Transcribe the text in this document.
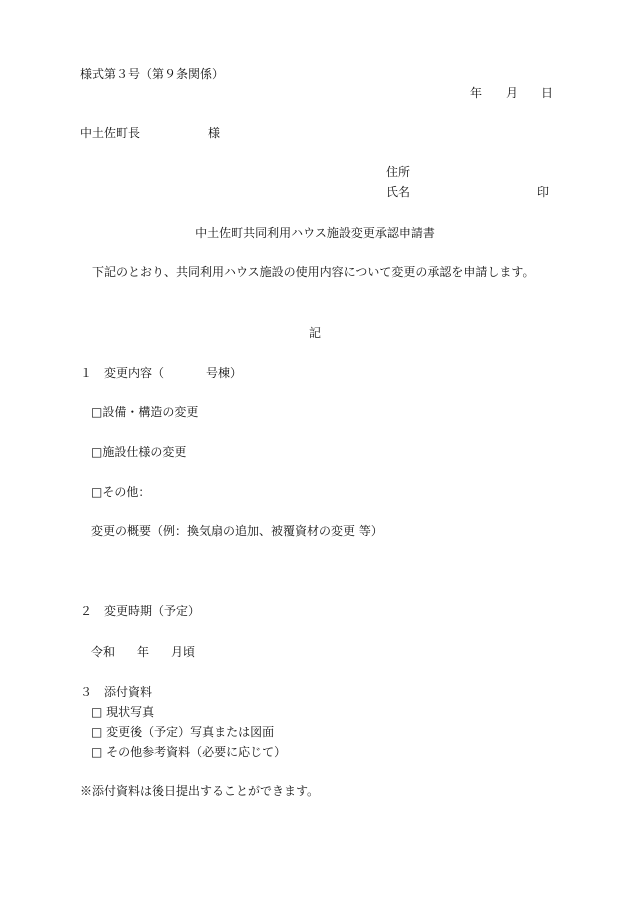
様式第３号（第９条関係）
年 月 日
中土佐町長	様
住所
氏名	印
中土佐町共同利用ハウス施設変更承認申請書
下記のとおり、共同利用ハウス施設の使用内容について変更の承認を申請します。
記
１　変更内容（	号棟）
□設備・構造の変更
□施設仕様の変更
□その他：
変更の概要（例：換気扇の追加、被覆資材の変更 等）
２　変更時期（予定）
令和 年 月頃
３　添付資料
□ 現状写真
□ 変更後（予定）写真または図面
□ その他参考資料（必要に応じて）
※添付資料は後日提出することができます。
